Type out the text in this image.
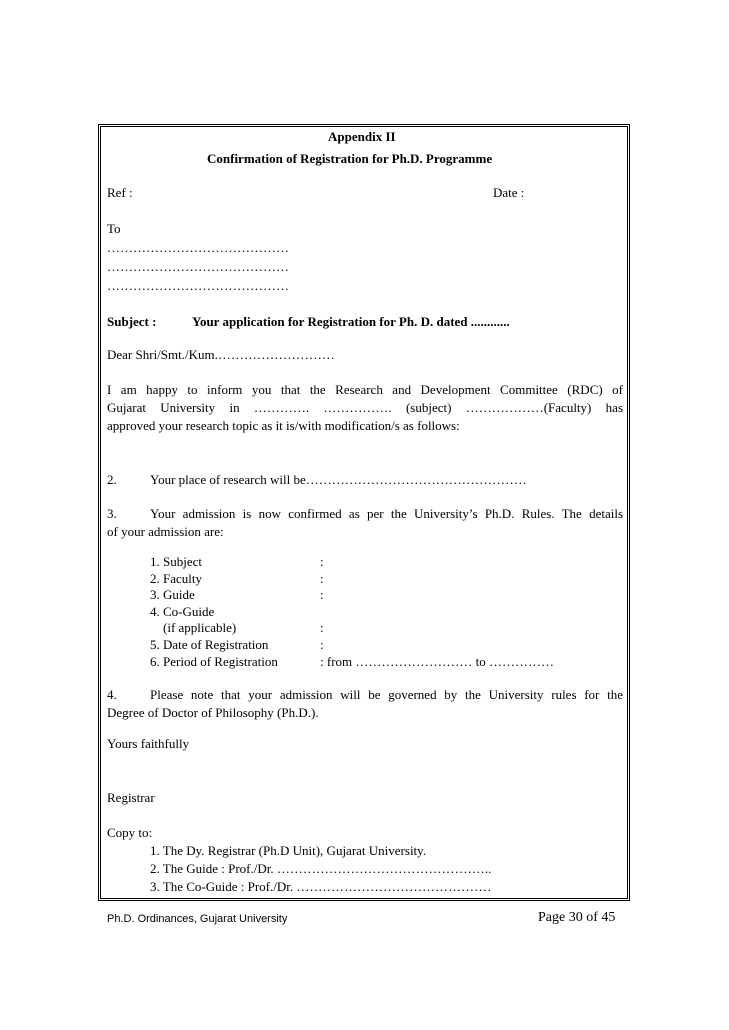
Appendix II
Confirmation of Registration for Ph.D. Programme
Ref :	Date :
To
……………………………………
……………………………………
……………………………………
Subject :	Your application for Registration for Ph. D. dated ............
Dear Shri/Smt./Kum.………………………
I am happy to inform you that the Research and Development Committee (RDC) of
Gujarat University in …………. ……………. (subject) ………………(Faculty) has
approved your research topic as it is/with modification/s as follows:
2.	Your place of research will be……………………………………………
3.	Your admission is now confirmed as per the University’s Ph.D. Rules. The details
of your admission are:
1. Subject	:
2. Faculty	:
3. Guide	:
4. Co-Guide
(if applicable)	:
5. Date of Registration	:
6. Period of Registration	: from ……………………… to ……………
4.	Please note that your admission will be governed by the University rules for the
Degree of Doctor of Philosophy (Ph.D.).
Yours faithfully
Registrar
Copy to:
1. The Dy. Registrar (Ph.D Unit), Gujarat University.
2. The Guide : Prof./Dr. …………………………………………..
3. The Co-Guide : Prof./Dr. ………………………………………
Ph.D. Ordinances, Gujarat University	Page 30 of 45
